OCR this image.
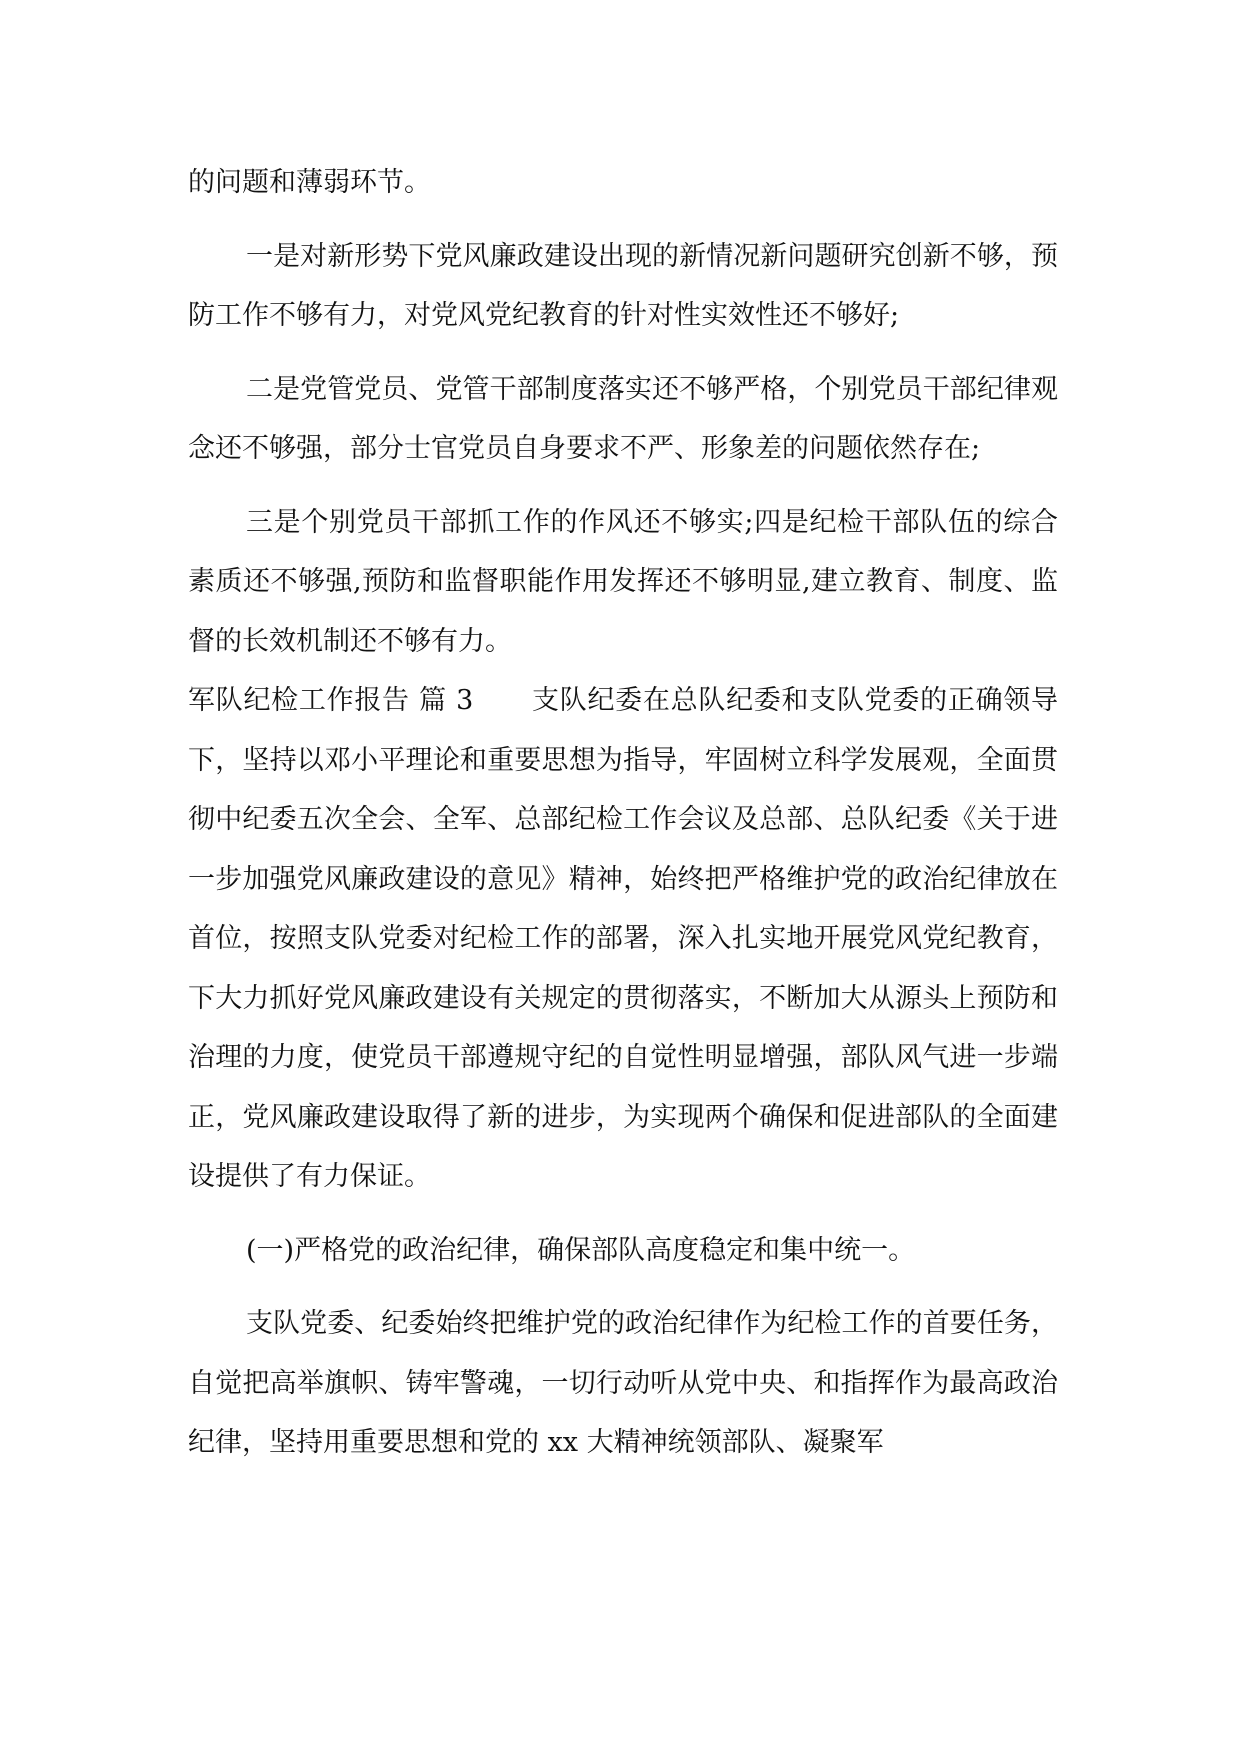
的问题和薄弱环节。

一是对新形势下党风廉政建设出现的新情况新问题研究创新不够，预防工作不够有力，对党风党纪教育的针对性实效性还不够好;

二是党管党员、党管干部制度落实还不够严格，个别党员干部纪律观念还不够强，部分士官党员自身要求不严、形象差的问题依然存在;

三是个别党员干部抓工作的作风还不够实;四是纪检干部队伍的综合素质还不够强,预防和监督职能作用发挥还不够明显,建立教育、制度、监督的长效机制还不够有力。

军队纪检工作报告 篇 3 支队纪委在总队纪委和支队党委的正确领导下，坚持以邓小平理论和重要思想为指导，牢固树立科学发展观，全面贯彻中纪委五次全会、全军、总部纪检工作会议及总部、总队纪委《关于进一步加强党风廉政建设的意见》精神，始终把严格维护党的政治纪律放在首位，按照支队党委对纪检工作的部署，深入扎实地开展党风党纪教育，下大力抓好党风廉政建设有关规定的贯彻落实，不断加大从源头上预防和治理的力度，使党员干部遵规守纪的自觉性明显增强，部队风气进一步端正，党风廉政建设取得了新的进步，为实现两个确保和促进部队的全面建设提供了有力保证。

(一)严格党的政治纪律，确保部队高度稳定和集中统一。

支队党委、纪委始终把维护党的政治纪律作为纪检工作的首要任务，自觉把高举旗帜、铸牢警魂，一切行动听从党中央、和指挥作为最高政治纪律，坚持用重要思想和党的 xx 大精神统领部队、凝聚军
